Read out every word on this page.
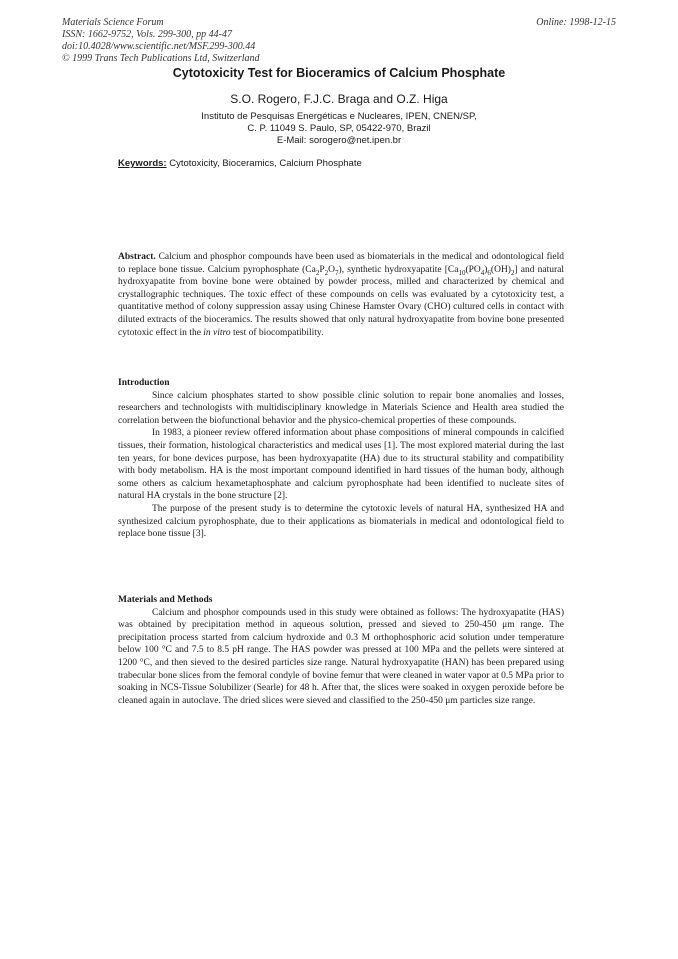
Materials Science Forum
ISSN: 1662-9752, Vols. 299-300, pp 44-47
doi:10.4028/www.scientific.net/MSF.299-300.44
© 1999 Trans Tech Publications Ltd, Switzerland
Online: 1998-12-15
Cytotoxicity Test for Bioceramics of Calcium Phosphate
S.O. Rogero, F.J.C. Braga and O.Z. Higa
Instituto de Pesquisas Energéticas e Nucleares, IPEN, CNEN/SP,
C. P. 11049 S. Paulo, SP, 05422-970, Brazil
E-Mail: sorogero@net.ipen.br
Keywords: Cytotoxicity, Bioceramics, Calcium Phosphate

Abstract. Calcium and phosphor compounds have been used as biomaterials in the medical and odontological field to replace bone tissue. Calcium pyrophosphate $(Ca_2P_2O_7)$, synthetic hydroxyapatite $[Ca_{10}(PO_4)_6(OH)_2]$ and natural hydroxyapatite from bovine bone were obtained by powder process, milled and characterized by chemical and crystallographic techniques. The toxic effect of these compounds on cells was evaluated by a cytotoxicity test, a quantitative method of colony suppression assay using Chinese Hamster Ovary (CHO) cultured cells in contact with diluted extracts of the bioceramics. The results showed that only natural hydroxyapatite from bovine bone presented cytotoxic effect in the in vitro test of biocompatibility.

Introduction

Since calcium phosphates started to show possible clinic solution to repair bone anomalies and losses, researchers and technologists with multidisciplinary knowledge in Materials Science and Health area studied the correlation between the biofunctional behavior and the physico-chemical properties of these compounds.

In 1983, a pioneer review offered information about phase compositions of mineral compounds in calcified tissues, their formation, histological characteristics and medical uses [1]. The most explored material during the last ten years, for bone devices purpose, has been hydroxyapatite (HA) due to its structural stability and compatibility with body metabolism. HA is the most important compound identified in hard tissues of the human body, although some others as calcium hexametaphosphate and calcium pyrophosphate had been identified to nucleate sites of natural HA crystals in the bone structure [2].

The purpose of the present study is to determine the cytotoxic levels of natural HA, synthesized HA and synthesized calcium pyrophosphate, due to their applications as biomaterials in medical and odontological field to replace bone tissue [3].

Materials and Methods

Calcium and phosphor compounds used in this study were obtained as follows: The hydroxyapatite (HAS) was obtained by precipitation method in aqueous solution, pressed and sieved to 250-450 μm range. The precipitation process started from calcium hydroxide and 0.3 M orthophosphoric acid solution under temperature below 100 °C and 7.5 to 8.5 pH range. The HAS powder was pressed at 100 MPa and the pellets were sintered at 1200 °C, and then sieved to the desired particles size range. Natural hydroxyapatite (HAN) has been prepared using trabecular bone slices from the femoral condyle of bovine femur that were cleaned in water vapor at 0.5 MPa prior to soaking in NCS-Tissue Solubilizer (Searle) for 48 h. After that, the slices were soaked in oxygen peroxide before be cleaned again in autoclave. The dried slices were sieved and classified to the 250-450 μm particles size range.
